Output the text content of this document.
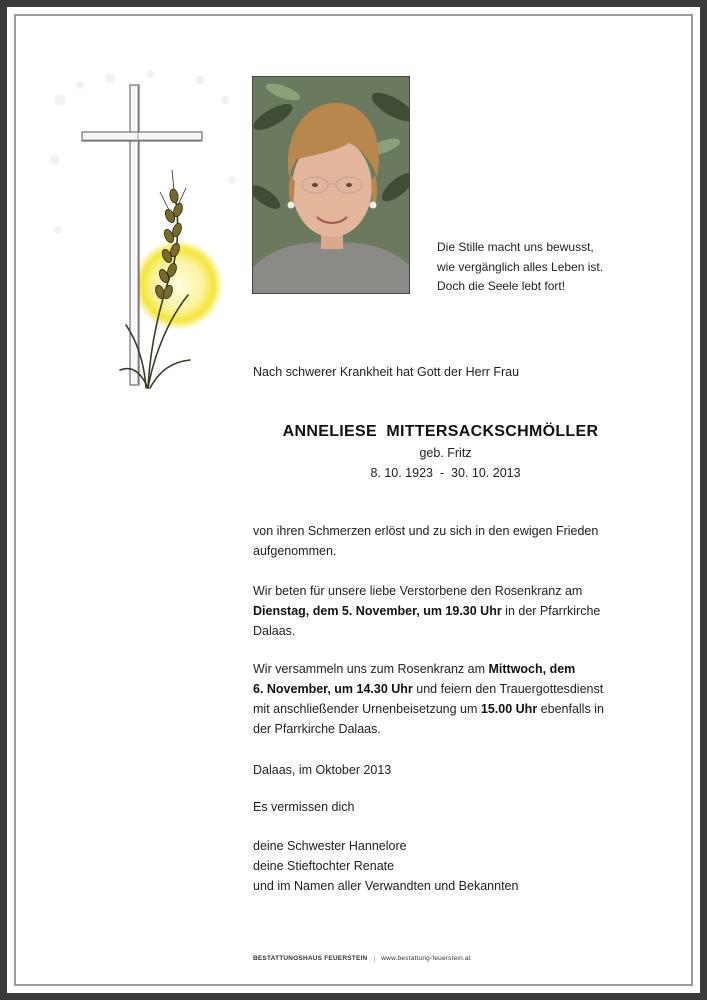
Die Stille macht uns bewusst,
wie vergänglich alles Leben ist.
Doch die Seele lebt fort!
Nach schwerer Krankheit hat Gott der Herr Frau
ANNELIESE  MITTERSACKSCHMÖLLER
geb. Fritz
8. 10. 1923  -  30. 10. 2013
von ihren Schmerzen erlöst und zu sich in den ewigen Frieden
aufgenommen.
Wir beten für unsere liebe Verstorbene den Rosenkranz am
Dienstag, dem 5. November, um 19.30 Uhr in der Pfarrkirche
Dalaas.
Wir versammeln uns zum Rosenkranz am Mittwoch, dem
6. November, um 14.30 Uhr und feiern den Trauergottesdienst
mit anschließender Urnenbeisetzung um 15.00 Uhr ebenfalls in
der Pfarrkirche Dalaas.
Dalaas, im Oktober 2013
Es vermissen dich
deine Schwester Hannelore
deine Stieftochter Renate
und im Namen aller Verwandten und Bekannten
BESTATTUNGSHAUS FEUERSTEIN | www.bestattung-feuerstein.at
